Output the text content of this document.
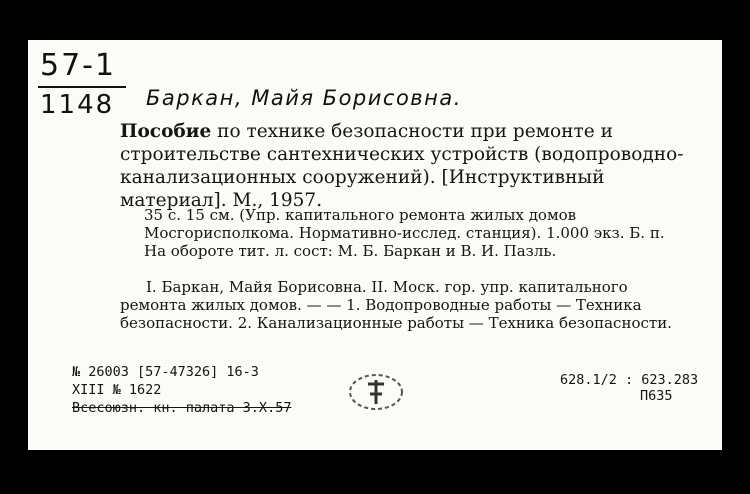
57-1
1148 Баркан, Майя Борисовна.
Пособие по технике безопасности при ремонте и строительстве сантехнических устройств (водопроводно-канализационных сооружений). [Инструктивный материал]. М., 1957.
35 с. 15 см. (Упр. капитального ремонта жилых домов
Мосгорисполкома. Нормативно-исслед. станция). 1.000 экз. Б. п.
На обороте тит. л. сост: М. Б. Баркан и В. И. Пазль.
I. Баркан, Майя Борисовна. II. Моск. гор. упр. капитального
ремонта жилых домов. — — 1. Водопроводные работы — Техника
безопасности. 2. Канализационные работы — Техника безопасности.
№ 26003 [57-47326] 16-3
XIII № 1622
Всесоюзн. кн. палата 3.X.57
628.1/2 : 623.283
П635
